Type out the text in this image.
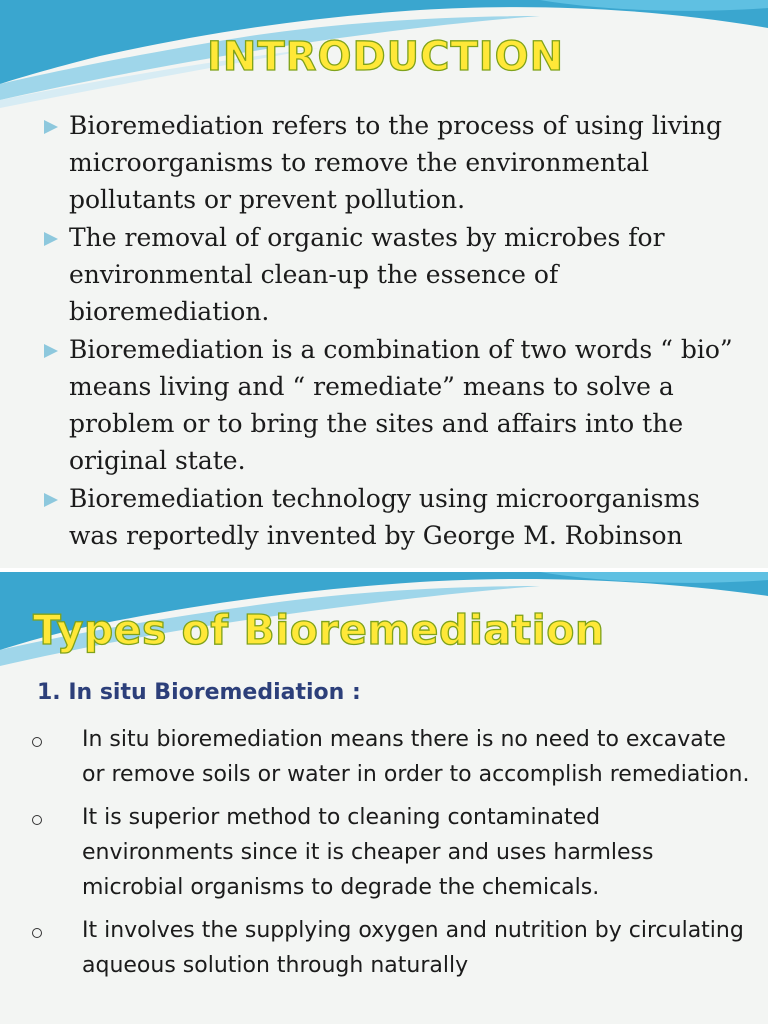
INTRODUCTION
Bioremediation refers to the process of using living microorganisms to remove the environmental pollutants or prevent pollution.
The removal of organic wastes by microbes for environmental clean-up the essence of bioremediation.
Bioremediation is a combination of two words “ bio” means living and “ remediate” means to solve a problem or to bring the sites and affairs into the original state.
Bioremediation technology using microorganisms was reportedly invented by George M. Robinson
Types of Bioremediation
1. In situ Bioremediation :
In situ bioremediation means there is no need to excavate or remove soils or water in order to accomplish remediation.
It is superior method to cleaning contaminated environments since it is cheaper and uses harmless microbial organisms to degrade the chemicals.
It involves the supplying oxygen and nutrition by circulating aqueous solution through naturally
